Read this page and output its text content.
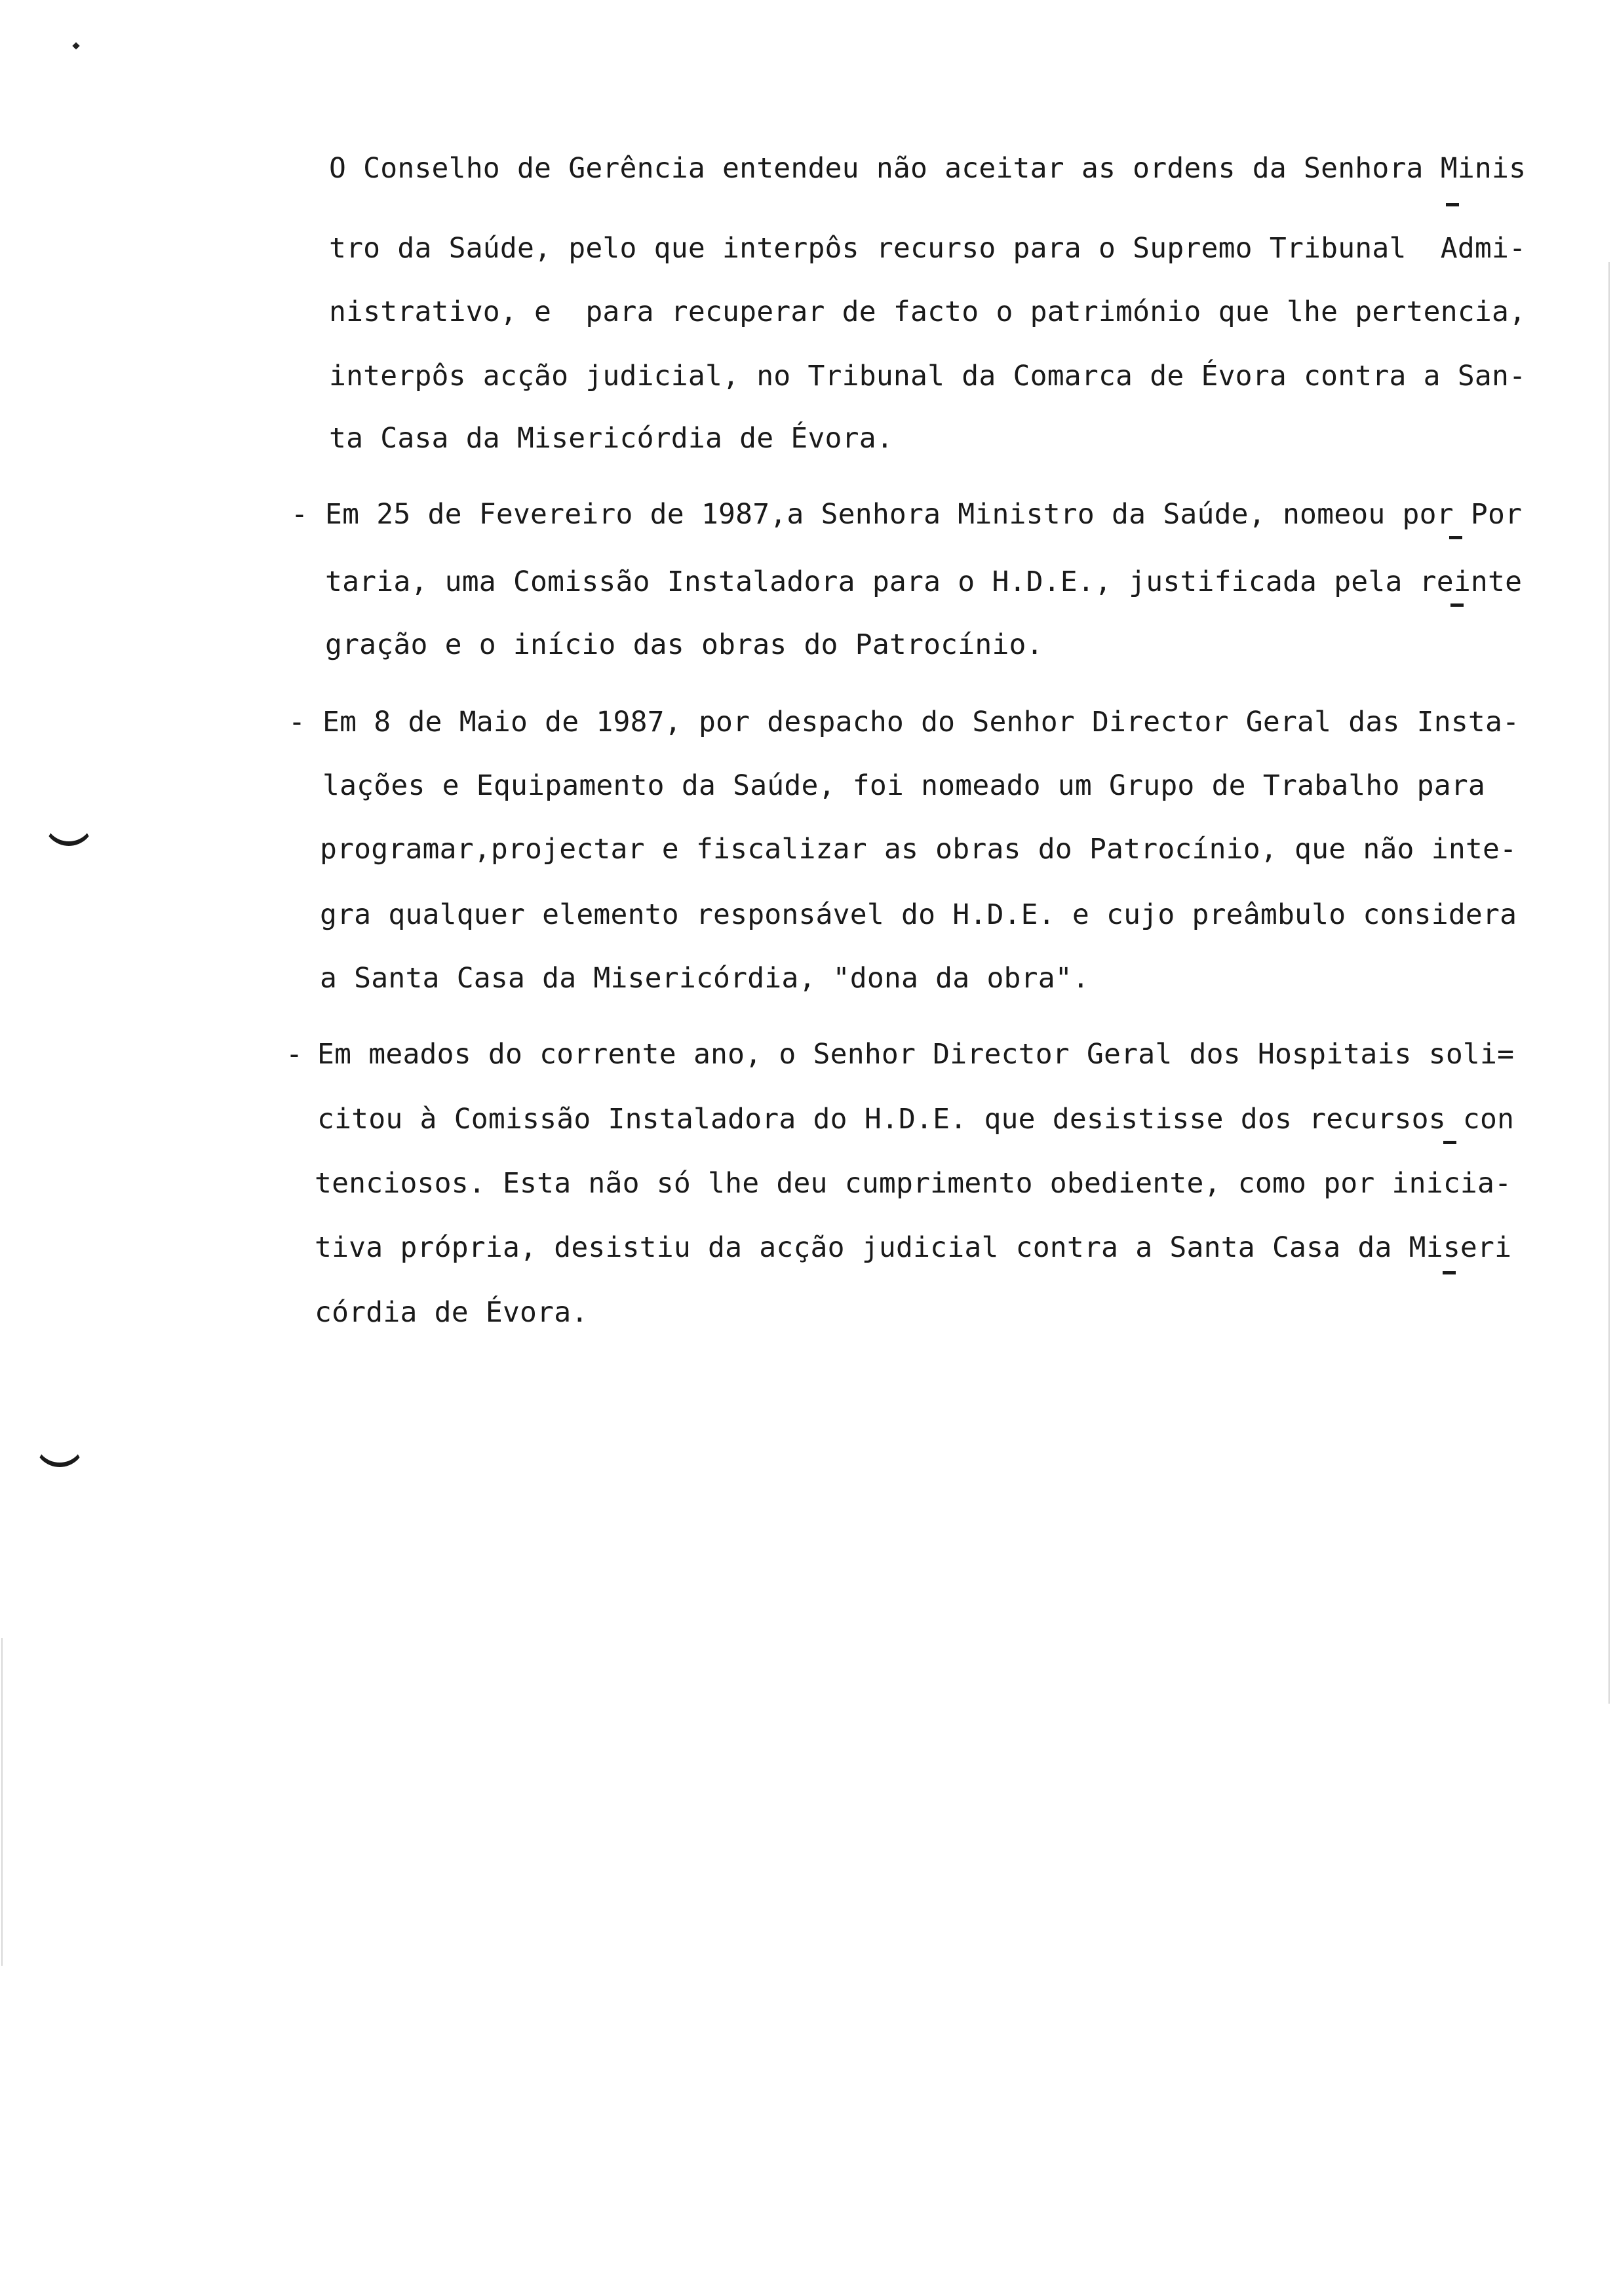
O Conselho de Gerência entendeu não aceitar as ordens da Senhora Minis
tro da Saúde, pelo que interpôs recurso para o Supremo Tribunal  Admi-
nistrativo, e  para recuperar de facto o património que lhe pertencia,
interpôs acção judicial, no Tribunal da Comarca de Évora contra a San-
ta Casa da Misericórdia de Évora.
- Em 25 de Fevereiro de 1987,a Senhora Ministro da Saúde, nomeou por Por
taria, uma Comissão Instaladora para o H.D.E., justificada pela reinte
gração e o início das obras do Patrocínio.
- Em 8 de Maio de 1987, por despacho do Senhor Director Geral das Insta-
lações e Equipamento da Saúde, foi nomeado um Grupo de Trabalho para
programar,projectar e fiscalizar as obras do Patrocínio, que não inte-
gra qualquer elemento responsável do H.D.E. e cujo preâmbulo considera
a Santa Casa da Misericórdia, "dona da obra".
- Em meados do corrente ano, o Senhor Director Geral dos Hospitais soli=
citou à Comissão Instaladora do H.D.E. que desistisse dos recursos con
tenciosos. Esta não só lhe deu cumprimento obediente, como por inicia-
tiva própria, desistiu da acção judicial contra a Santa Casa da Miseri
córdia de Évora.
